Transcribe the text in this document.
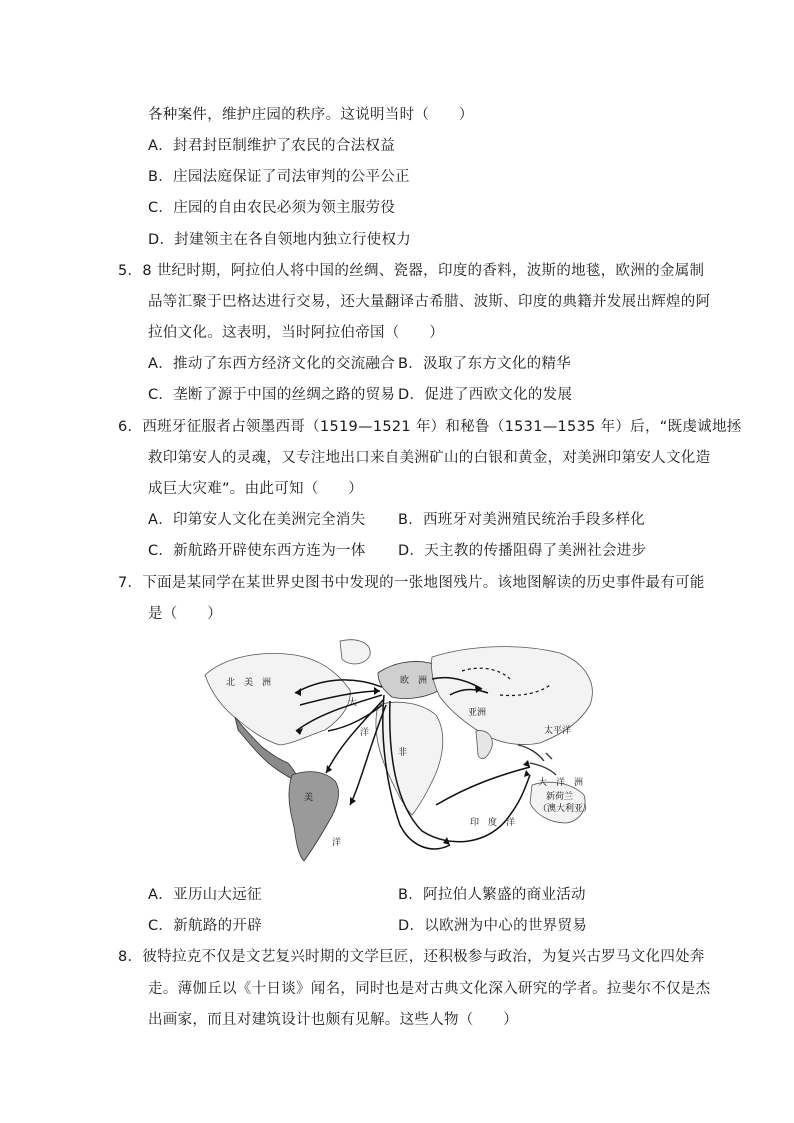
各种案件，维护庄园的秩序。这说明当时（　　）
A．封君封臣制维护了农民的合法权益
B．庄园法庭保证了司法审判的公平公正
C．庄园的自由农民必须为领主服劳役
D．封建领主在各自领地内独立行使权力
5．8 世纪时期，阿拉伯人将中国的丝绸、瓷器，印度的香料，波斯的地毯，欧洲的金属制
品等汇聚于巴格达进行交易，还大量翻译古希腊、波斯、印度的典籍并发展出辉煌的阿
拉伯文化。这表明，当时阿拉伯帝国（　　）
A．推动了东西方经济文化的交流融合 B．汲取了东方文化的精华
C．垄断了源于中国的丝绸之路的贸易 D．促进了西欧文化的发展
6．西班牙征服者占领墨西哥（1519—1521 年）和秘鲁（1531—1535 年）后，“既虔诚地拯
救印第安人的灵魂，又专注地出口来自美洲矿山的白银和黄金，对美洲印第安人文化造
成巨大灾难”。由此可知（　　）
A．印第安人文化在美洲完全消失 B．西班牙对美洲殖民统治手段多样化
C．新航路开辟使东西方连为一体 D．天主教的传播阻碍了美洲社会进步
7．下面是某同学在某世界史图书中发现的一张地图残片。该地图解读的历史事件最有可能
是（　　）
北　美　洲
大
欧　洲
亚洲
非
美
太平洋
大　洋　洲
新荷兰
（澳大利亚）
印　度　洋
洋
洋
A．亚历山大远征	B．阿拉伯人繁盛的商业活动
C．新航路的开辟	D．以欧洲为中心的世界贸易
8．彼特拉克不仅是文艺复兴时期的文学巨匠，还积极参与政治，为复兴古罗马文化四处奔
走。薄伽丘以《十日谈》闻名，同时也是对古典文化深入研究的学者。拉斐尔不仅是杰
出画家，而且对建筑设计也颇有见解。这些人物（　　）
